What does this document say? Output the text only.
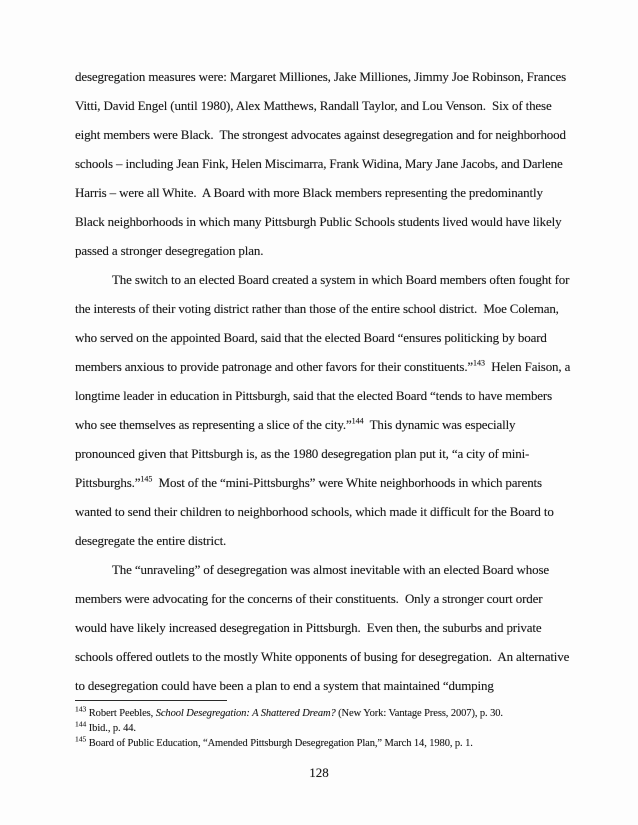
desegregation measures were: Margaret Milliones, Jake Milliones, Jimmy Joe Robinson, Frances Vitti, David Engel (until 1980), Alex Matthews, Randall Taylor, and Lou Venson.  Six of these eight members were Black.  The strongest advocates against desegregation and for neighborhood schools – including Jean Fink, Helen Miscimarra, Frank Widina, Mary Jane Jacobs, and Darlene Harris – were all White.  A Board with more Black members representing the predominantly Black neighborhoods in which many Pittsburgh Public Schools students lived would have likely passed a stronger desegregation plan.

The switch to an elected Board created a system in which Board members often fought for the interests of their voting district rather than those of the entire school district.  Moe Coleman, who served on the appointed Board, said that the elected Board “ensures politicking by board members anxious to provide patronage and other favors for their constituents.”$^{143}$  Helen Faison, a longtime leader in education in Pittsburgh, said that the elected Board “tends to have members who see themselves as representing a slice of the city.”$^{144}$  This dynamic was especially pronounced given that Pittsburgh is, as the 1980 desegregation plan put it, “a city of mini-Pittsburghs.”$^{145}$  Most of the “mini-Pittsburghs” were White neighborhoods in which parents wanted to send their children to neighborhood schools, which made it difficult for the Board to desegregate the entire district.

The “unraveling” of desegregation was almost inevitable with an elected Board whose members were advocating for the concerns of their constituents.  Only a stronger court order would have likely increased desegregation in Pittsburgh.  Even then, the suburbs and private schools offered outlets to the mostly White opponents of busing for desegregation.  An alternative to desegregation could have been a plan to end a system that maintained “dumping

$^{143}$ Robert Peebles, School Desegregation: A Shattered Dream? (New York: Vantage Press, 2007), p. 30.
$^{144}$ Ibid., p. 44.
$^{145}$ Board of Public Education, “Amended Pittsburgh Desegregation Plan,” March 14, 1980, p. 1.
128
